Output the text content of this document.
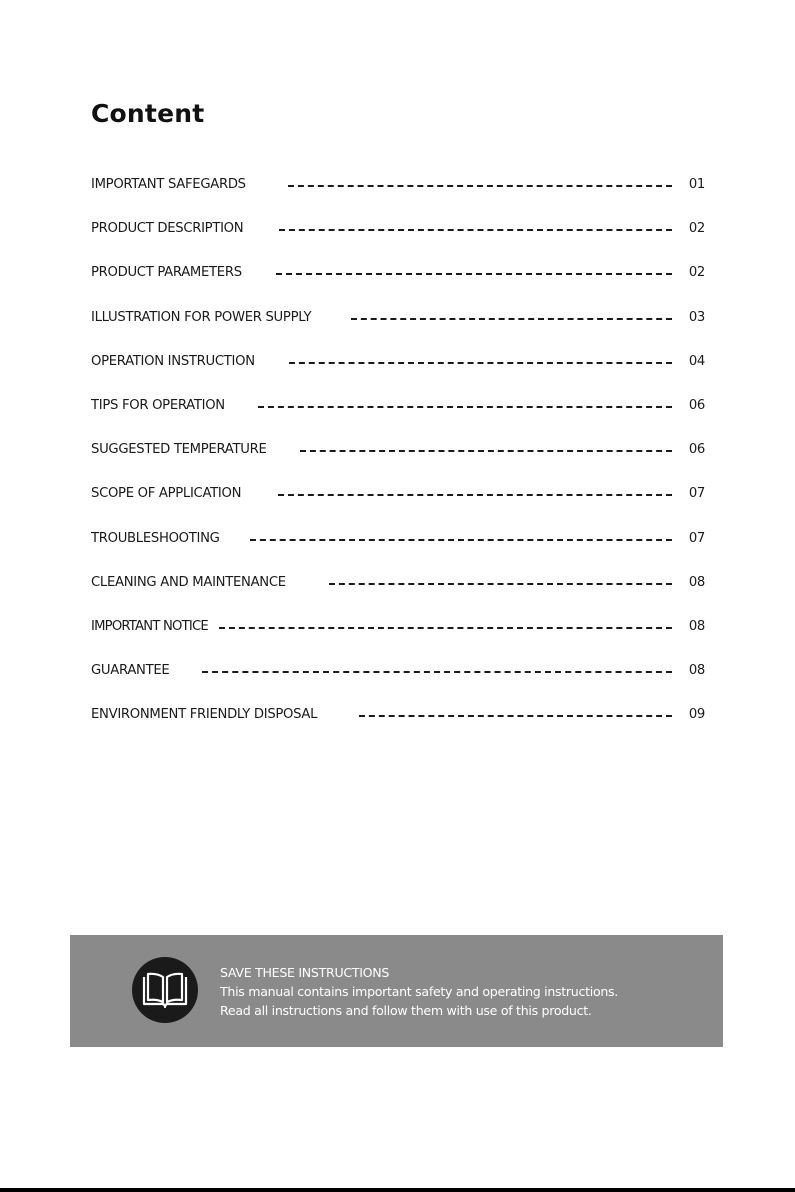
Content
IMPORTANT SAFEGARDS	01
PRODUCT DESCRIPTION	02
PRODUCT PARAMETERS	02
ILLUSTRATION FOR POWER SUPPLY	03
OPERATION INSTRUCTION	04
TIPS FOR OPERATION	06
SUGGESTED TEMPERATURE	06
SCOPE OF APPLICATION	07
TROUBLESHOOTING	07
CLEANING AND MAINTENANCE	08
IMPORTANT NOTICE	08
GUARANTEE	08
ENVIRONMENT FRIENDLY DISPOSAL	09
SAVE THESE INSTRUCTIONS
This manual contains important safety and operating instructions.
Read all instructions and follow them with use of this product.
